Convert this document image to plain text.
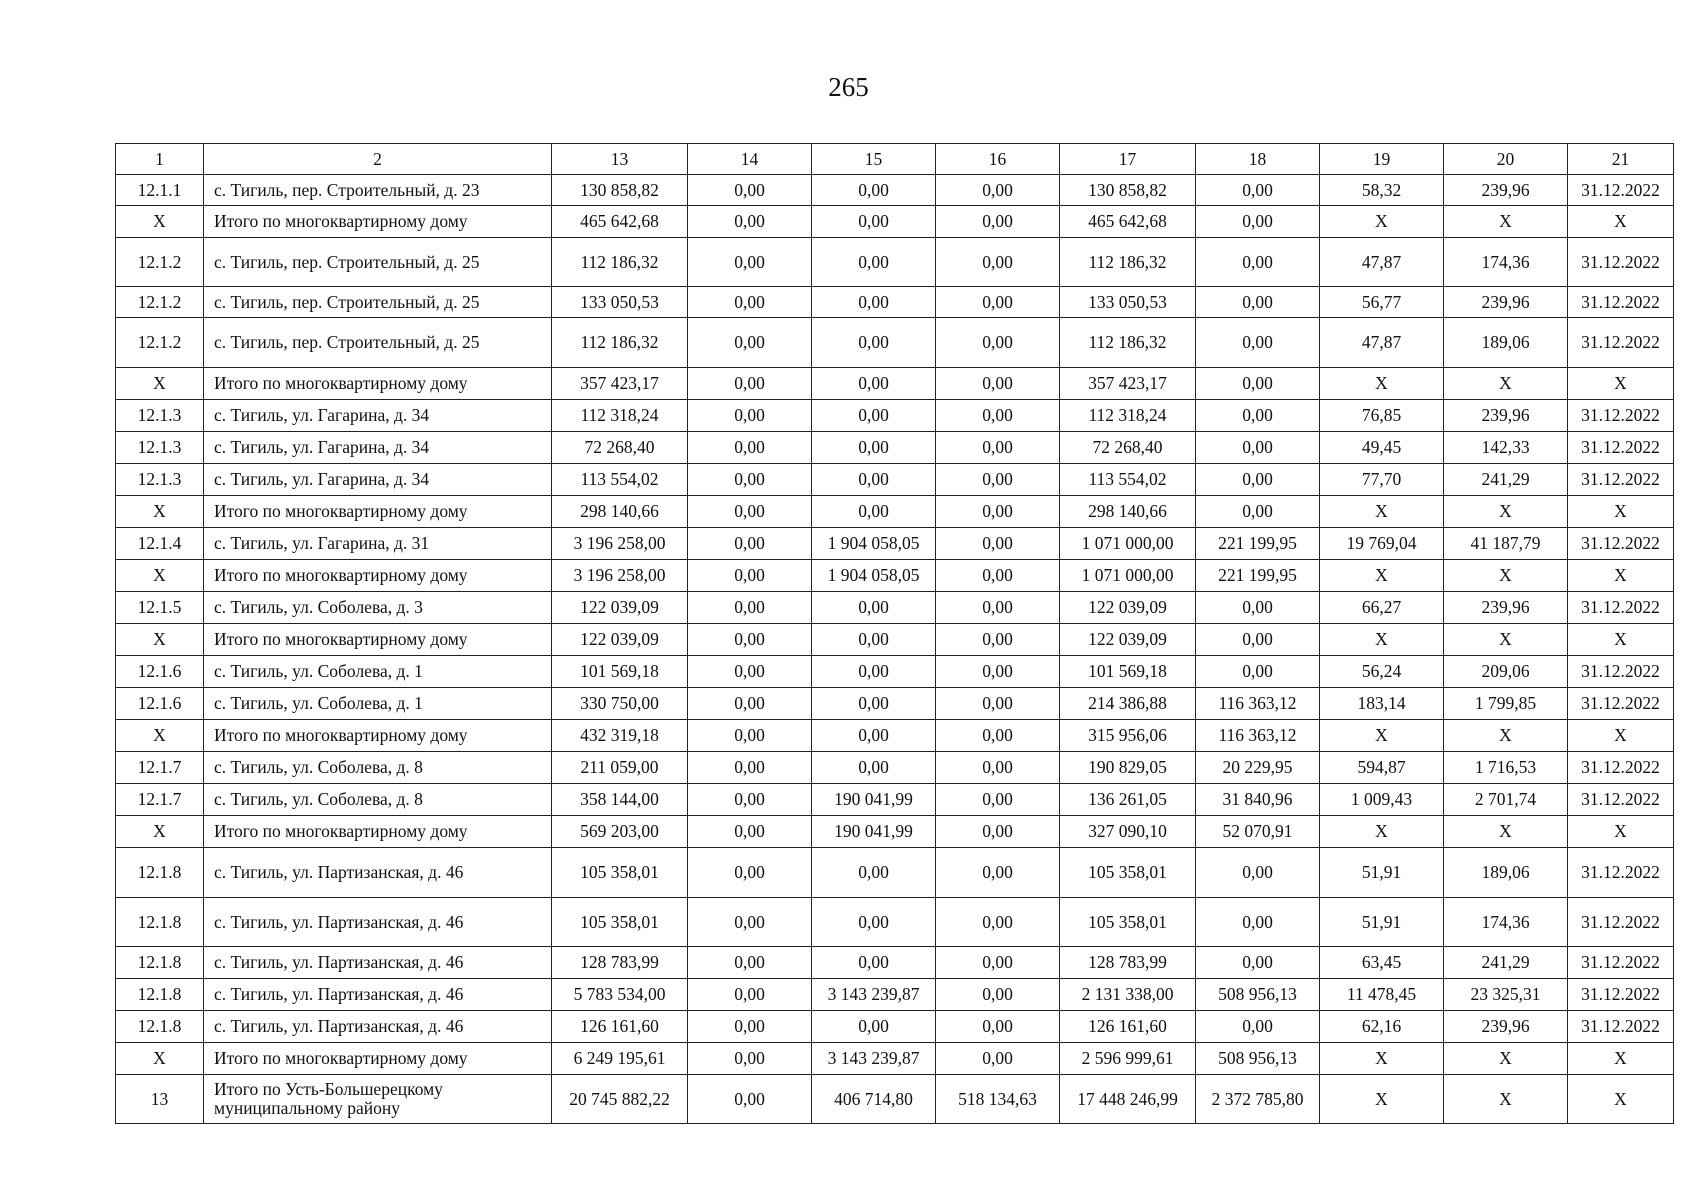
265
1	2	13	14	15	16	17	18	19	20	21
12.1.1	с. Тигиль, пер. Строительный, д. 23	130 858,82	0,00	0,00	0,00	130 858,82	0,00	58,32	239,96	31.12.2022
Х	Итого по многоквартирному дому	465 642,68	0,00	0,00	0,00	465 642,68	0,00	Х	Х	Х
12.1.2	с. Тигиль, пер. Строительный, д. 25	112 186,32	0,00	0,00	0,00	112 186,32	0,00	47,87	174,36	31.12.2022
12.1.2	с. Тигиль, пер. Строительный, д. 25	133 050,53	0,00	0,00	0,00	133 050,53	0,00	56,77	239,96	31.12.2022
12.1.2	с. Тигиль, пер. Строительный, д. 25	112 186,32	0,00	0,00	0,00	112 186,32	0,00	47,87	189,06	31.12.2022
Х	Итого по многоквартирному дому	357 423,17	0,00	0,00	0,00	357 423,17	0,00	Х	Х	Х
12.1.3	с. Тигиль, ул. Гагарина, д. 34	112 318,24	0,00	0,00	0,00	112 318,24	0,00	76,85	239,96	31.12.2022
12.1.3	с. Тигиль, ул. Гагарина, д. 34	72 268,40	0,00	0,00	0,00	72 268,40	0,00	49,45	142,33	31.12.2022
12.1.3	с. Тигиль, ул. Гагарина, д. 34	113 554,02	0,00	0,00	0,00	113 554,02	0,00	77,70	241,29	31.12.2022
Х	Итого по многоквартирному дому	298 140,66	0,00	0,00	0,00	298 140,66	0,00	Х	Х	Х
12.1.4	с. Тигиль, ул. Гагарина, д. 31	3 196 258,00	0,00	1 904 058,05	0,00	1 071 000,00	221 199,95	19 769,04	41 187,79	31.12.2022
Х	Итого по многоквартирному дому	3 196 258,00	0,00	1 904 058,05	0,00	1 071 000,00	221 199,95	Х	Х	Х
12.1.5	с. Тигиль, ул. Соболева, д. 3	122 039,09	0,00	0,00	0,00	122 039,09	0,00	66,27	239,96	31.12.2022
Х	Итого по многоквартирному дому	122 039,09	0,00	0,00	0,00	122 039,09	0,00	Х	Х	Х
12.1.6	с. Тигиль, ул. Соболева, д. 1	101 569,18	0,00	0,00	0,00	101 569,18	0,00	56,24	209,06	31.12.2022
12.1.6	с. Тигиль, ул. Соболева, д. 1	330 750,00	0,00	0,00	0,00	214 386,88	116 363,12	183,14	1 799,85	31.12.2022
Х	Итого по многоквартирному дому	432 319,18	0,00	0,00	0,00	315 956,06	116 363,12	Х	Х	Х
12.1.7	с. Тигиль, ул. Соболева, д. 8	211 059,00	0,00	0,00	0,00	190 829,05	20 229,95	594,87	1 716,53	31.12.2022
12.1.7	с. Тигиль, ул. Соболева, д. 8	358 144,00	0,00	190 041,99	0,00	136 261,05	31 840,96	1 009,43	2 701,74	31.12.2022
Х	Итого по многоквартирному дому	569 203,00	0,00	190 041,99	0,00	327 090,10	52 070,91	Х	Х	Х
12.1.8	с. Тигиль, ул. Партизанская, д. 46	105 358,01	0,00	0,00	0,00	105 358,01	0,00	51,91	189,06	31.12.2022
12.1.8	с. Тигиль, ул. Партизанская, д. 46	105 358,01	0,00	0,00	0,00	105 358,01	0,00	51,91	174,36	31.12.2022
12.1.8	с. Тигиль, ул. Партизанская, д. 46	128 783,99	0,00	0,00	0,00	128 783,99	0,00	63,45	241,29	31.12.2022
12.1.8	с. Тигиль, ул. Партизанская, д. 46	5 783 534,00	0,00	3 143 239,87	0,00	2 131 338,00	508 956,13	11 478,45	23 325,31	31.12.2022
12.1.8	с. Тигиль, ул. Партизанская, д. 46	126 161,60	0,00	0,00	0,00	126 161,60	0,00	62,16	239,96	31.12.2022
Х	Итого по многоквартирному дому	6 249 195,61	0,00	3 143 239,87	0,00	2 596 999,61	508 956,13	Х	Х	Х
13	Итого по Усть-Большерецкому муниципальному району	20 745 882,22	0,00	406 714,80	518 134,63	17 448 246,99	2 372 785,80	Х	Х	Х
